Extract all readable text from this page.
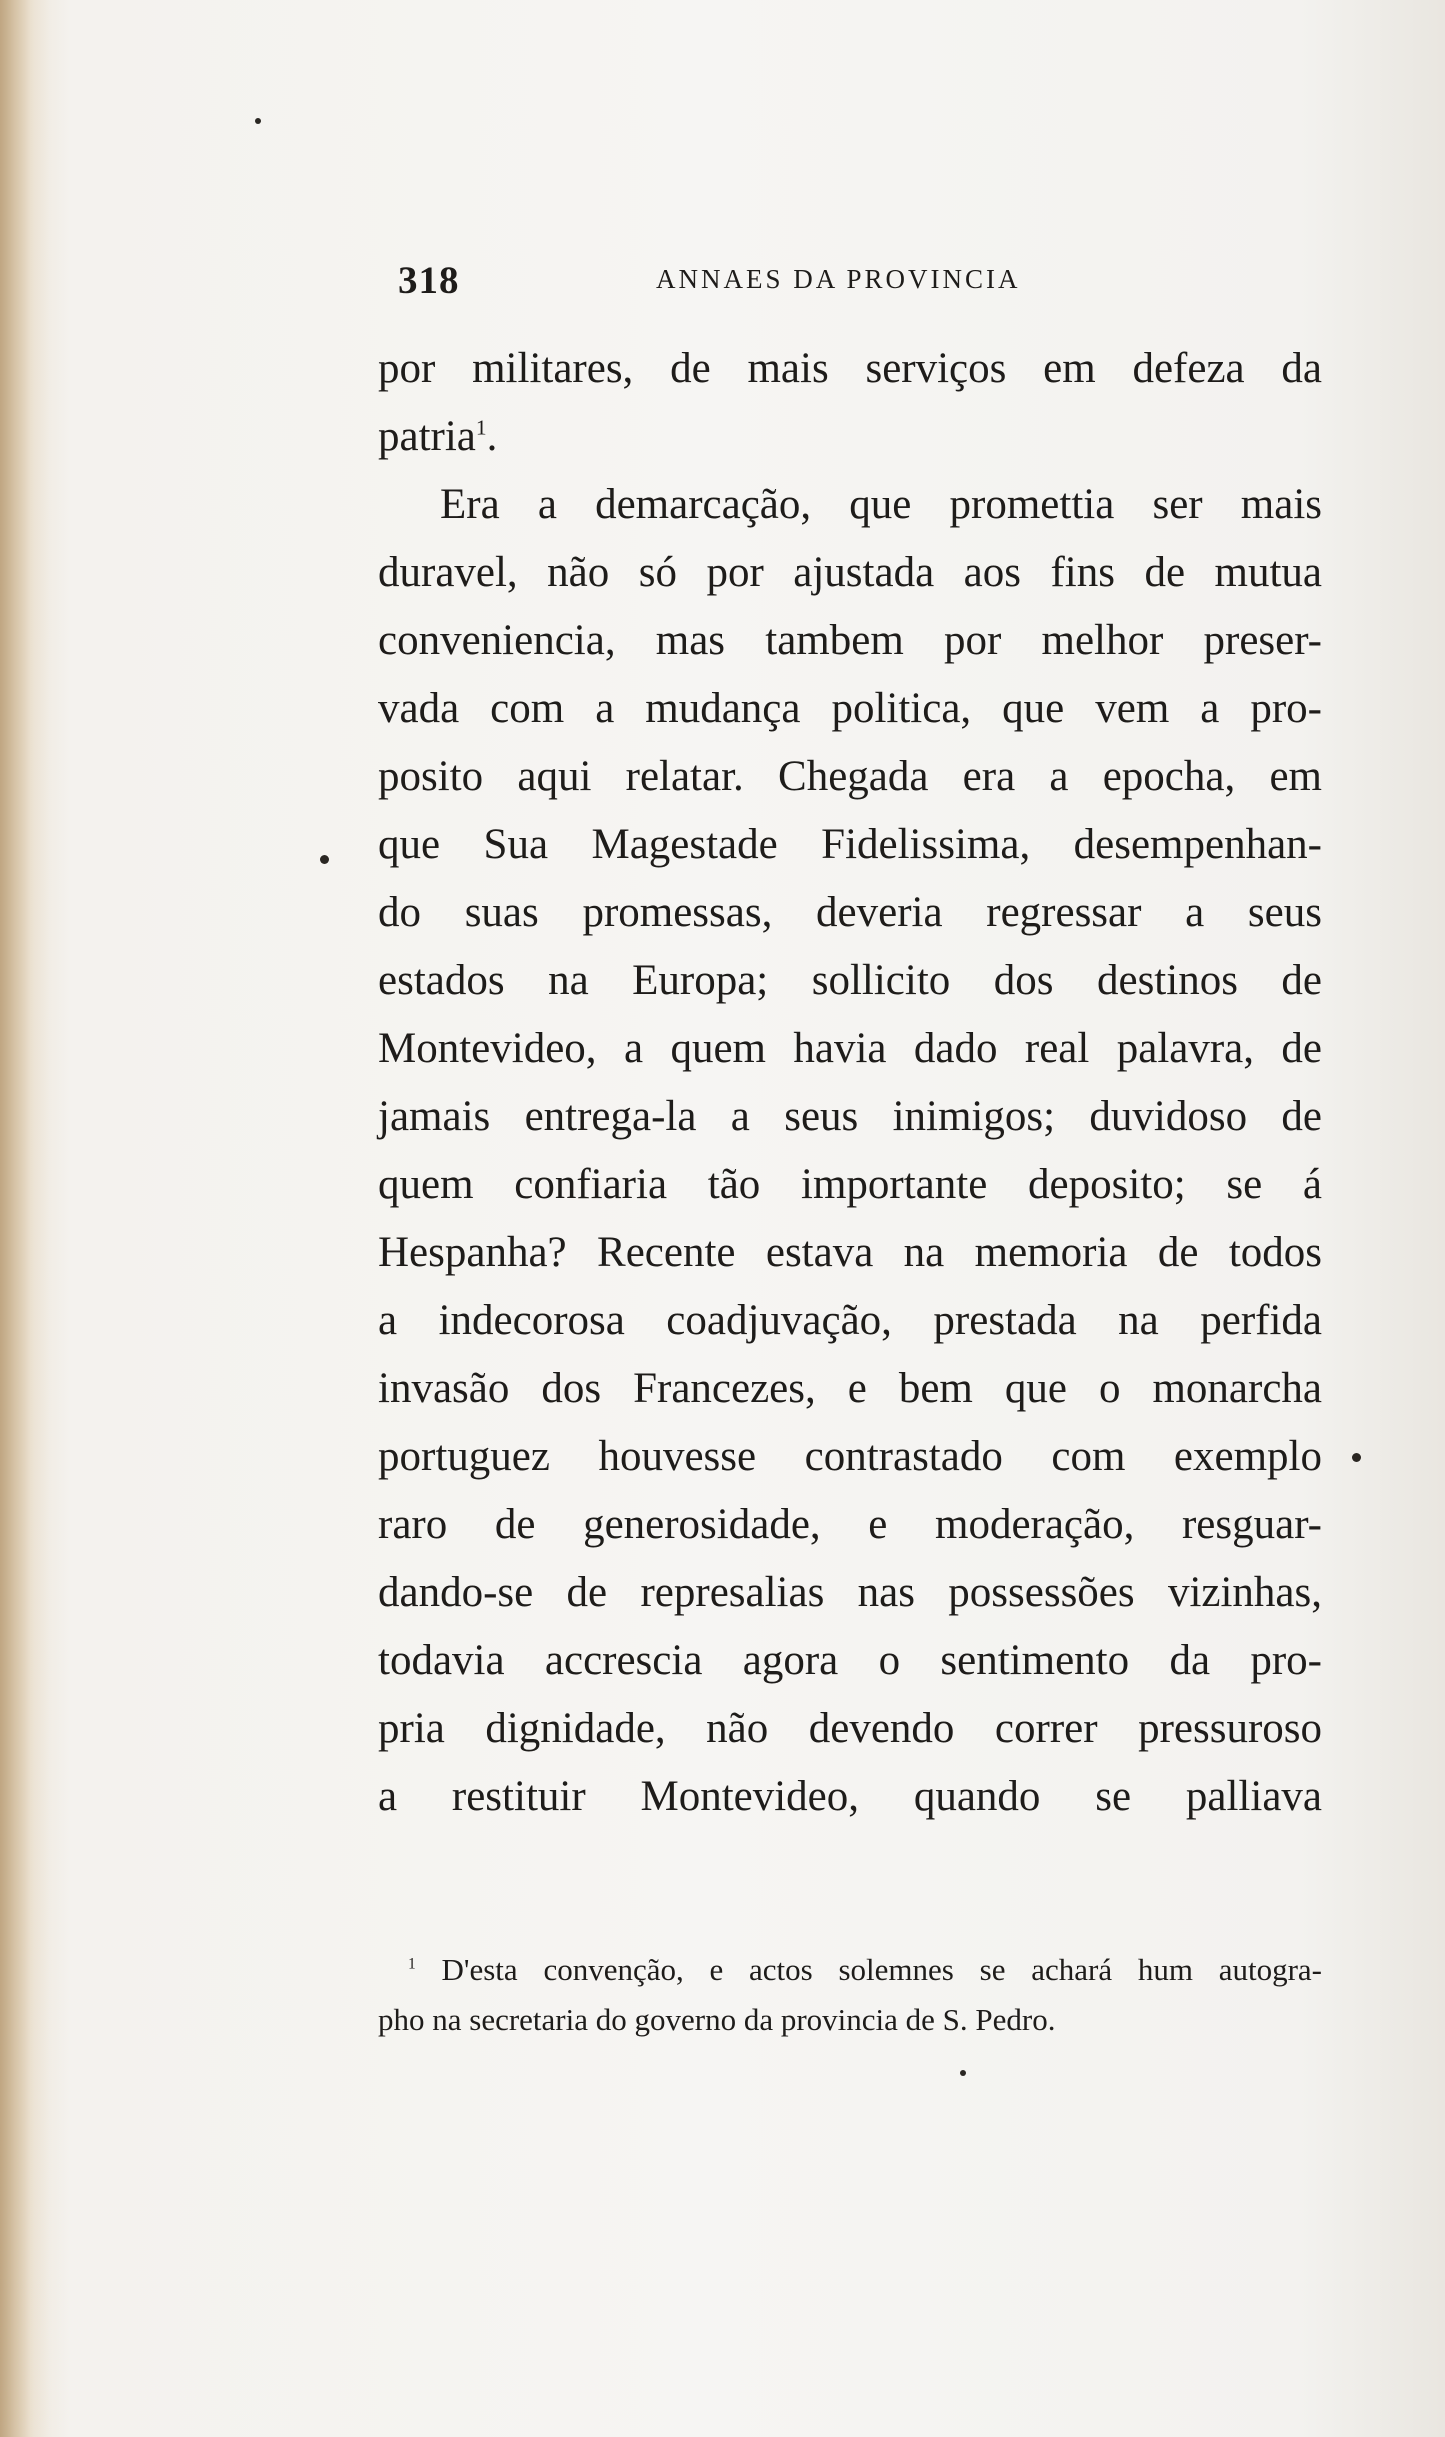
318	ANNAES DA PROVINCIA
por militares, de mais serviços em defeza da
patria$^1$.
Era a demarcação, que promettia ser mais
duravel, não só por ajustada aos fins de mutua
conveniencia, mas tambem por melhor preser-
vada com a mudança politica, que vem a pro-
posito aqui relatar. Chegada era a epocha, em
que Sua Magestade Fidelissima, desempenhan-
do suas promessas, deveria regressar a seus
estados na Europa; sollicito dos destinos de
Montevideo, a quem havia dado real palavra, de
jamais entrega-la a seus inimigos; duvidoso de
quem confiaria tão importante deposito; se á
Hespanha? Recente estava na memoria de todos
a indecorosa coadjuvação, prestada na perfida
invasão dos Francezes, e bem que o monarcha
portuguez houvesse contrastado com exemplo
raro de generosidade, e moderação, resguar-
dando-se de represalias nas possessões vizinhas,
todavia accrescia agora o sentimento da pro-
pria dignidade, não devendo correr pressuroso
a restituir Montevideo, quando se palliava
$^1$ D'esta convenção, e actos solemnes se achará hum autogra-
pho na secretaria do governo da provincia de S. Pedro.
